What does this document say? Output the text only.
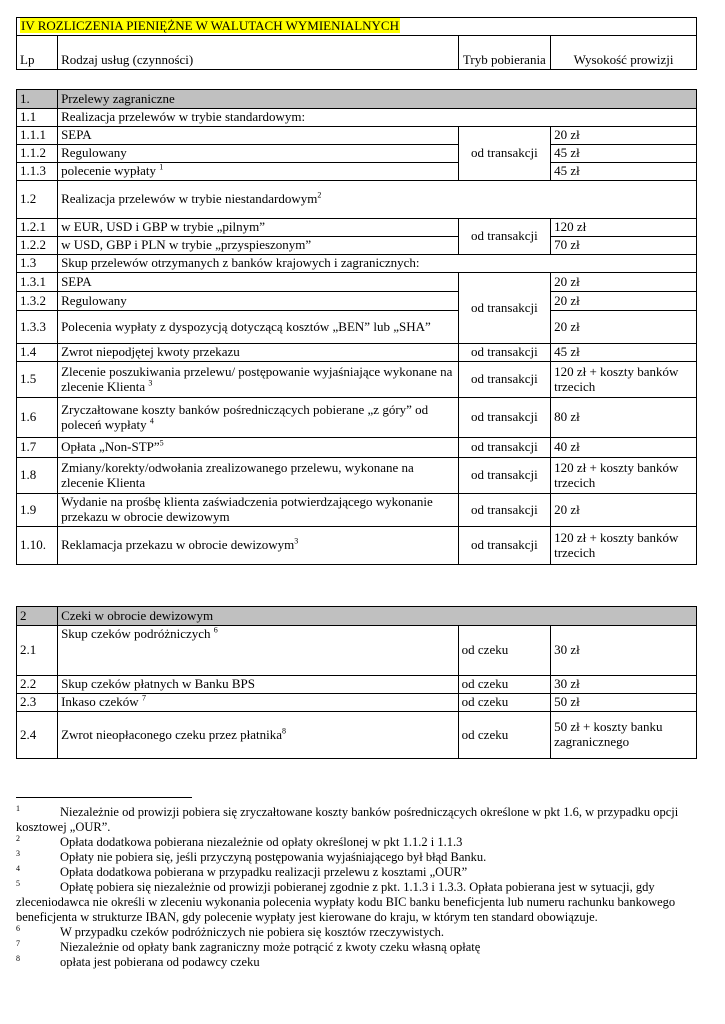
IV ROZLICZENIA PIENIĘŻNE W WALUTACH WYMIENIALNYCH
Lp	Rodzaj usług (czynności)	Tryb pobierania	Wysokość prowizji
1.	Przelewy zagraniczne		
1.1	Realizacja przelewów w trybie standardowym:		
1.1.1	SEPA	od transakcji	20 zł
1.1.2	Regulowany		45 zł
1.1.3	polecenie wypłaty $^1$		45 zł
1.2	Realizacja przelewów w trybie niestandardowym$^2$
1.2.1	w EUR, USD i GBP w trybie „pilnym”	od transakcji	120 zł
1.2.2	w USD, GBP i PLN w trybie „przyspieszonym”		70 zł
1.3	Skup przelewów otrzymanych z banków krajowych i zagranicznych:		
1.3.1	SEPA	od transakcji	20 zł
1.3.2	Regulowany		20 zł
1.3.3	Polecenia wypłaty z dyspozycją dotyczącą kosztów „BEN” lub „SHA”		20 zł
1.4	Zwrot niepodjętej kwoty przekazu	od transakcji	45 zł
1.5	Zlecenie poszukiwania przelewu/ postępowanie wyjaśniające wykonane na zlecenie Klienta $^3$	od transakcji	120 zł + koszty banków trzecich
1.6	Zryczałtowane koszty banków pośredniczących pobierane „z góry” od poleceń wypłaty $^4$	od transakcji	80 zł
1.7	Opłata „Non-STP”$^5$	od transakcji	40 zł
1.8	Zmiany/korekty/odwołania zrealizowanego przelewu, wykonane na zlecenie Klienta	od transakcji	120 zł + koszty banków trzecich
1.9	Wydanie na prośbę klienta zaświadczenia potwierdzającego wykonanie przekazu w obrocie dewizowym	od transakcji	20 zł
1.10.	Reklamacja przekazu w obrocie dewizowym$^3$	od transakcji	120 zł + koszty banków trzecich
2	Czeki w obrocie dewizowym		
2.1	Skup czeków podróżniczych $^6$	od czeku	30 zł
2.2	Skup czeków płatnych w Banku BPS	od czeku	30 zł
2.3	Inkaso czeków $^7$	od czeku	50 zł
2.4	Zwrot nieopłaconego czeku przez płatnika$^8$	od czeku	50 zł + koszty banku zagranicznego

1	Niezależnie od prowizji pobiera się zryczałtowane koszty banków pośredniczących określone w pkt 1.6, w przypadku opcji kosztowej „OUR”.

2	Opłata dodatkowa pobierana niezależnie od opłaty określonej w pkt 1.1.2 i 1.1.3

3	Opłaty nie pobiera się, jeśli przyczyną postępowania wyjaśniającego był błąd Banku.

4	Opłata dodatkowa pobierana w przypadku realizacji przelewu z kosztami „OUR”

5	Opłatę pobiera się niezależnie od prowizji pobieranej zgodnie z pkt. 1.1.3 i 1.3.3. Opłata pobierana jest w sytuacji, gdy zleceniodawca nie określi w zleceniu wykonania polecenia wypłaty kodu BIC banku beneficjenta lub numeru rachunku bankowego beneficjenta w strukturze IBAN, gdy polecenie wypłaty jest kierowane do kraju, w którym ten standard obowiązuje.

6	W przypadku czeków podróżniczych nie pobiera się kosztów rzeczywistych.

7	Niezależnie od opłaty bank zagraniczny może potrącić z kwoty czeku własną opłatę

8	opłata jest pobierana od podawcy czeku
